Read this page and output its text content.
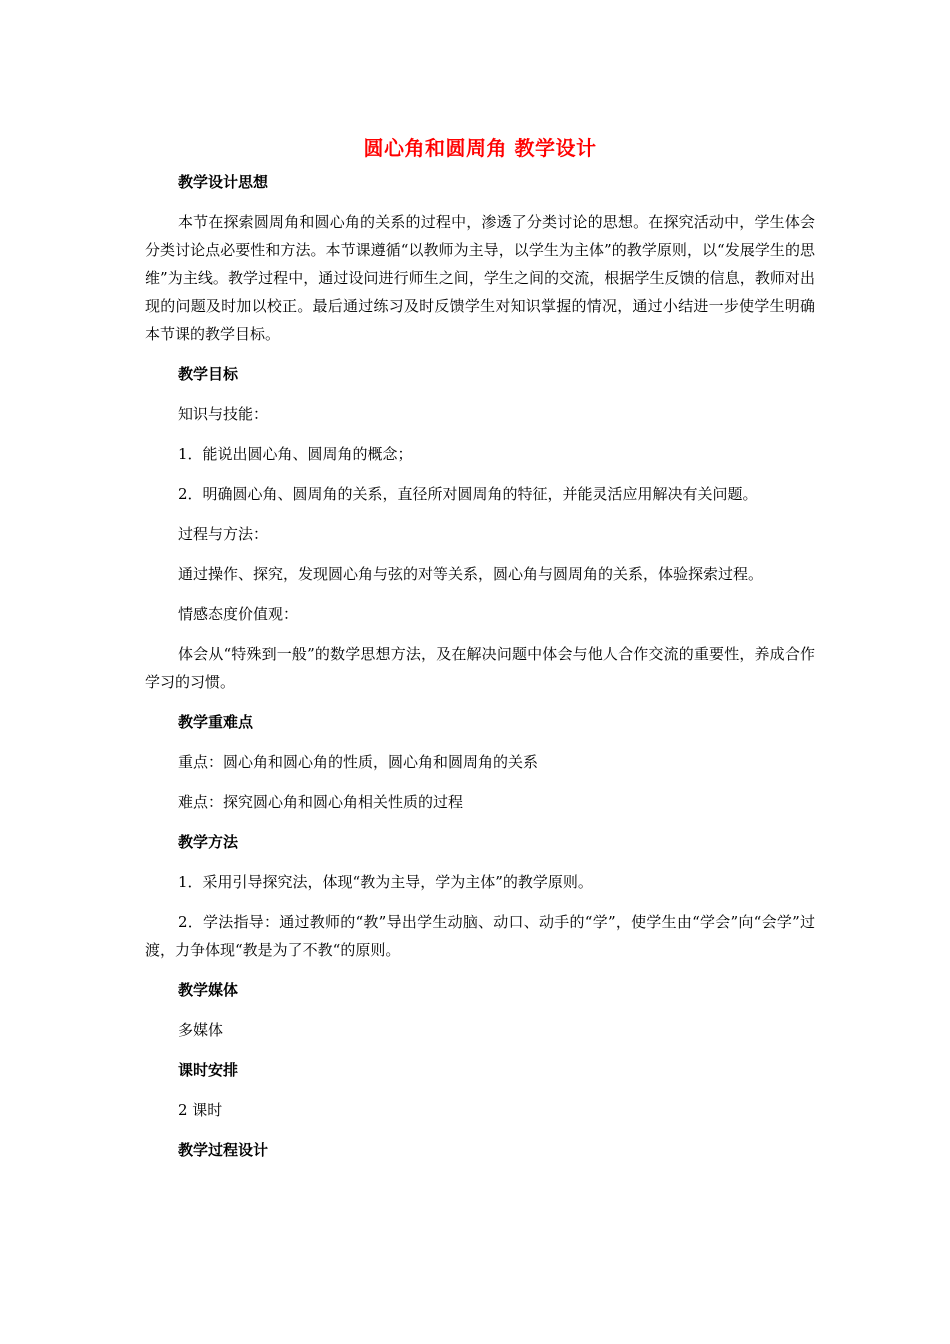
圆心角和圆周角 教学设计
教学设计思想
本节在探索圆周角和圆心角的关系的过程中，渗透了分类讨论的思想。在探究活动中，学生体会分类讨论点必要性和方法。本节课遵循“以教师为主导，以学生为主体”的教学原则，以“发展学生的思维”为主线。教学过程中，通过设问进行师生之间，学生之间的交流，根据学生反馈的信息，教师对出现的问题及时加以校正。最后通过练习及时反馈学生对知识掌握的情况，通过小结进一步使学生明确本节课的教学目标。
教学目标
知识与技能：
1．能说出圆心角、圆周角的概念；
2．明确圆心角、圆周角的关系，直径所对圆周角的特征，并能灵活应用解决有关问题。
过程与方法：
通过操作、探究，发现圆心角与弦的对等关系，圆心角与圆周角的关系，体验探索过程。
情感态度价值观：
体会从“特殊到一般”的数学思想方法，及在解决问题中体会与他人合作交流的重要性，养成合作学习的习惯。
教学重难点
重点：圆心角和圆心角的性质，圆心角和圆周角的关系
难点：探究圆心角和圆心角相关性质的过程
教学方法
1．采用引导探究法，体现“教为主导，学为主体”的教学原则。
2．学法指导：通过教师的“教”导出学生动脑、动口、动手的“学”，使学生由“学会”向“会学”过渡，力争体现“教是为了不教“的原则。
教学媒体
多媒体
课时安排
2 课时
教学过程设计
